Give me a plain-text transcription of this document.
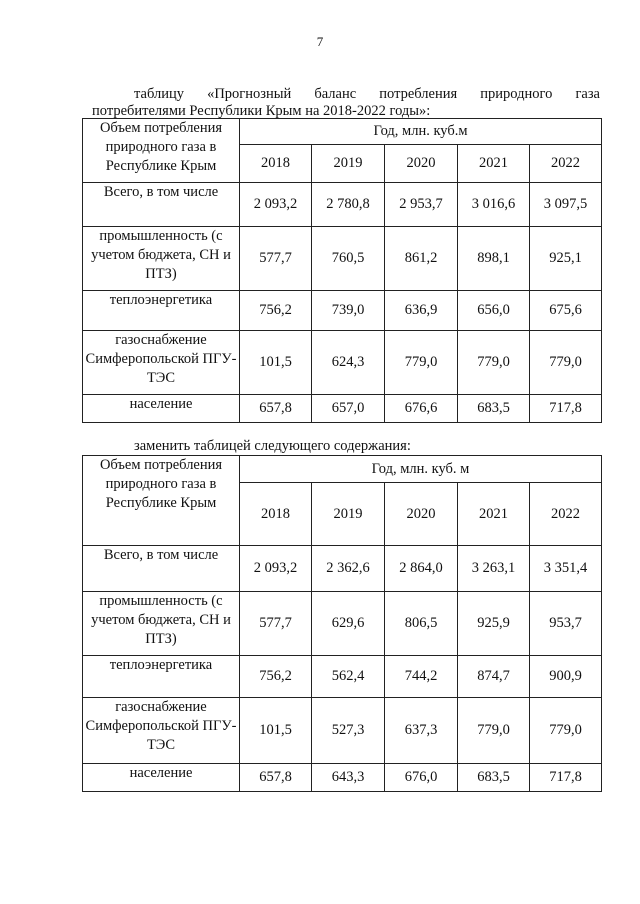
7
таблицу «Прогнозный баланс потребления природного газа
потребителями Республики Крым на 2018-2022 годы»:
Объем потребления природного газа в Республике Крым	Год, млн. куб.м				
	2018	2019	2020	2021	2022
Всего, в том числе	2 093,2	2 780,8	2 953,7	3 016,6	3 097,5
промышленность (с учетом бюджета, СН и ПТЗ)	577,7	760,5	861,2	898,1	925,1
теплоэнергетика	756,2	739,0	636,9	656,0	675,6
газоснабжение Симферопольской ПГУ-ТЭС	101,5	624,3	779,0	779,0	779,0
население	657,8	657,0	676,6	683,5	717,8
заменить таблицей следующего содержания:
Объем потребления природного газа в Республике Крым	Год, млн. куб. м				
	2018	2019	2020	2021	2022
Всего, в том числе	2 093,2	2 362,6	2 864,0	3 263,1	3 351,4
промышленность (с учетом бюджета, СН и ПТЗ)	577,7	629,6	806,5	925,9	953,7
теплоэнергетика	756,2	562,4	744,2	874,7	900,9
газоснабжение Симферопольской ПГУ-ТЭС	101,5	527,3	637,3	779,0	779,0
население	657,8	643,3	676,0	683,5	717,8
